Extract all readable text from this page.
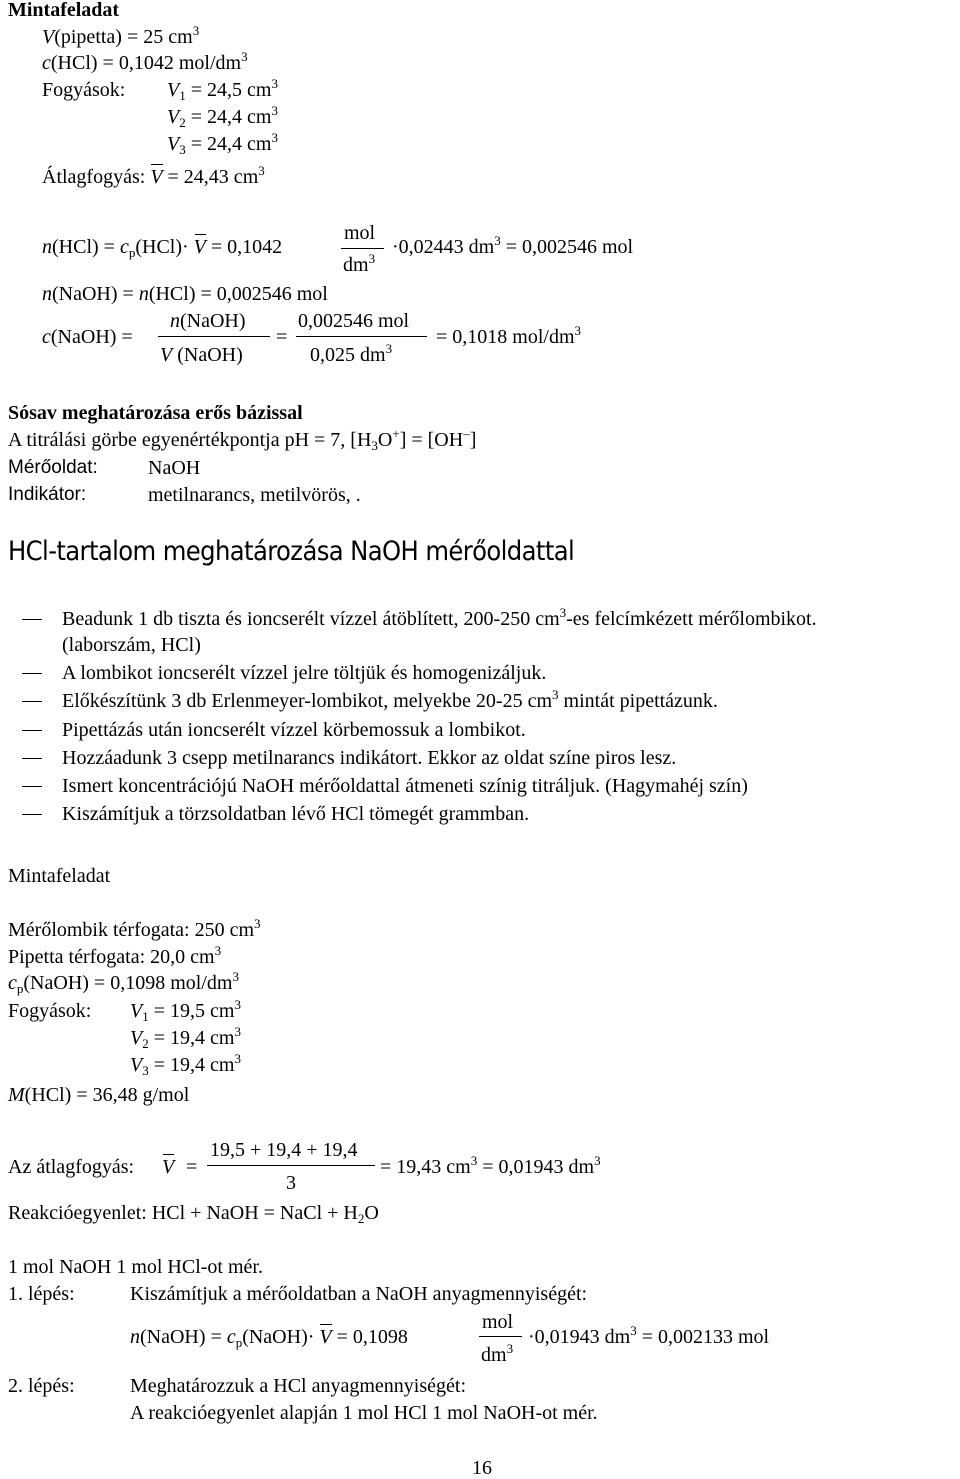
Mintafeladat
V(pipetta) = 25 $cm^3$
c(HCl) = 0,1042 mol/$dm^3$
Fogyások: $V_1 = 24,5$ $cm^3$
$V_2 = 24,4$ $cm^3$
$V_3 = 24,4$ $cm^3$
Átlagfogyás: V = 24,43 $cm^3$
$n(HCl) = c_p(HCl)\cdot V = 0,1042$
mol
$dm^3$
·0,02443 $dm^3 = 0,002546$ mol
n(NaOH) = n(HCl) = 0,002546 mol
c(NaOH) =
n(NaOH)
V (NaOH)
=
0,002546 mol
0,025 $dm^3$
= 0,1018 mol/$dm^3$
Sósav meghatározása erős bázissal
A titrálási görbe egyenértékpontja pH = 7, $[H_3O^+] = [OH^-]$
Mérőoldat:	NaOH
Indikátor:	metilnarancs, metilvörös, .
HCl-tartalom meghatározása NaOH mérőoldattal
Beadunk 1 db tiszta és ioncserélt vízzel átöblített, 200-250 $cm^3-es$ felcímkézett mérőlombikot.
(laborszám, HCl)
A lombikot ioncserélt vízzel jelre töltjük és homogenizáljuk.
Előkészítünk 3 db Erlenmeyer-lombikot, melyekbe 20-25 $cm^3$ mintát pipettázunk.
Pipettázás után ioncserélt vízzel körbemossuk a lombikot.
Hozzáadunk 3 csepp metilnarancs indikátort. Ekkor az oldat színe piros lesz.
Ismert koncentrációjú NaOH mérőoldattal átmeneti színig titráljuk. (Hagymahéj szín)
Kiszámítjuk a törzsoldatban lévő HCl tömegét grammban.
Mintafeladat
Mérőlombik térfogata: 250 $cm^3$
Pipetta térfogata: 20,0 $cm^3$
$c_p(NaOH) = 0,1098$ mol/$dm^3$
Fogyások: $V_1 = 19,5$ $cm^3$
$V_2 = 19,4$ $cm^3$
$V_3 = 19,4$ $cm^3$
M(HCl) = 36,48 g/mol
Az átlagfogyás: V =
19,5 + 19,4 + 19,4
3
= 19,43 $cm^3 = 0,01943$ $dm^3$
Reakcióegyenlet: HCl + NaOH = NaCl + $H_2O$
1 mol NaOH 1 mol HCl-ot mér.
1. lépés:	Kiszámítjuk a mérőoldatban a NaOH anyagmennyiségét:
n(NaOH) = $c_p(NaOH)\cdot V = 0,1098$
mol
$dm^3$
·0,01943 $dm^3 = 0,002133$ mol
2. lépés:	Meghatározzuk a HCl anyagmennyiségét:
A reakcióegyenlet alapján 1 mol HCl 1 mol NaOH-ot mér.
16
